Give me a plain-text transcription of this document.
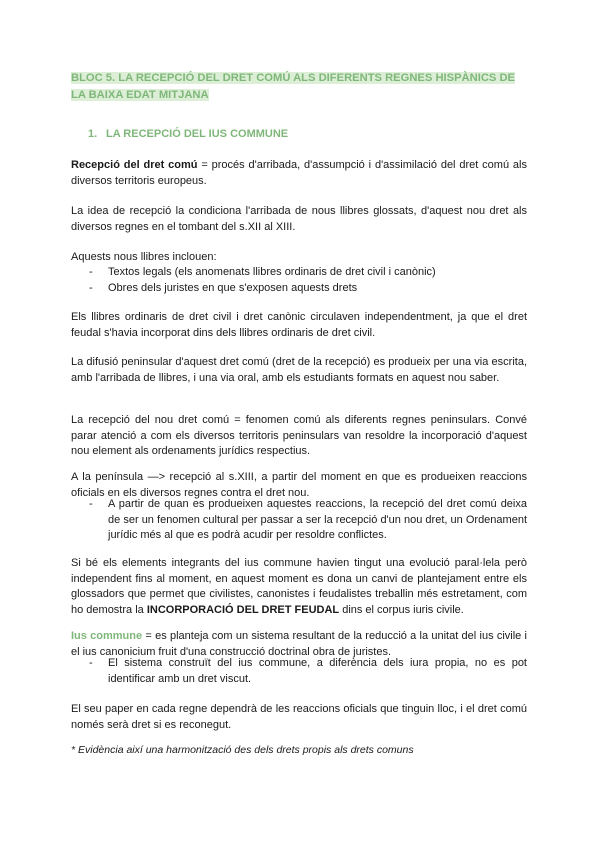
BLOC 5. LA RECEPCIÓ DEL DRET COMÚ ALS DIFERENTS REGNES HISPÀNICS DE LA BAIXA EDAT MITJANA
1. LA RECEPCIÓ DEL IUS COMMUNE

Recepció del dret comú = procés d'arribada, d'assumpció i d'assimilació del dret comú als diversos territoris europeus.

La idea de recepció la condiciona l'arribada de nous llibres glossats, d'aquest nou dret als diversos regnes en el tombant del s.XII al XIII.

Aquests nous llibres inclouen:

- Textos legals (els anomenats llibres ordinaris de dret civil i canònic)
- Obres dels juristes en que s'exposen aquests drets

Els llibres ordinaris de dret civil i dret canònic circulaven independentment, ja que el dret feudal s'havia incorporat dins dels llibres ordinaris de dret civil.

La difusió peninsular d'aquest dret comú (dret de la recepció) es produeix per una via escrita, amb l'arribada de llibres, i una via oral, amb els estudiants formats en aquest nou saber.

La recepció del nou dret comú = fenomen comú als diferents regnes peninsulars. Convé parar atenció a com els diversos territoris peninsulars van resoldre la incorporació d'aquest nou element als ordenaments jurídics respectius.

A la península —> recepció al s.XIII, a partir del moment en que es produeixen reaccions oficials en els diversos regnes contra el dret nou.

- A partir de quan es produeixen aquestes reaccions, la recepció del dret comú deixa de ser un fenomen cultural per passar a ser la recepció d'un nou dret, un Ordenament jurídic més al que es podrà acudir per resoldre conflictes.

Si bé els elements integrants del ius commune havien tingut una evolució paral·lela però independent fins al moment, en aquest moment es dona un canvi de plantejament entre els glossadors que permet que civilistes, canonistes i feudalistes treballin més estretament, com ho demostra la INCORPORACIÓ DEL DRET FEUDAL dins el corpus iuris civile.

Ius commune = es planteja com un sistema resultant de la reducció a la unitat del ius civile i el ius canonicium fruit d'una construcció doctrinal obra de juristes.

- El sistema construït del ius commune, a diferència dels iura propia, no es pot identificar amb un dret viscut.

El seu paper en cada regne dependrà de les reaccions oficials que tinguin lloc, i el dret comú només serà dret si es reconegut.

* Evidència així una harmonització des dels drets propis als drets comuns
